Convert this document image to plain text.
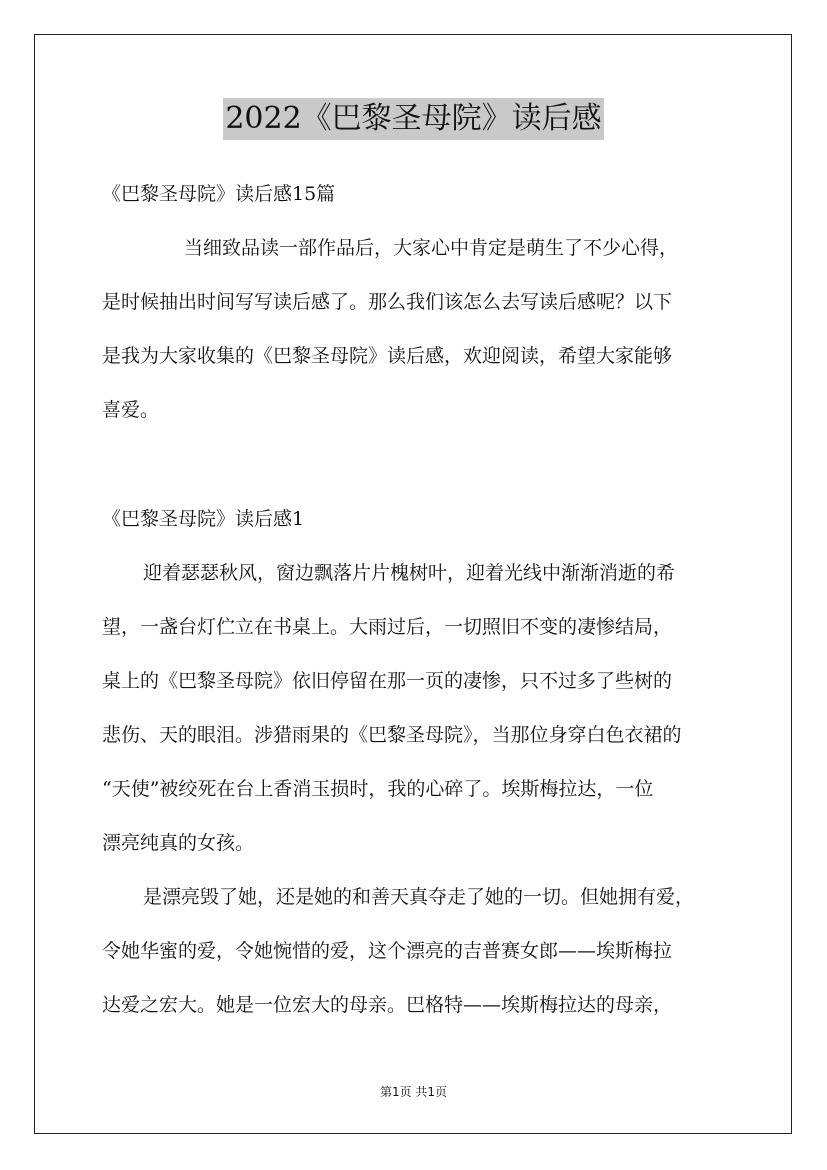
2022《巴黎圣母院》读后感
《巴黎圣母院》读后感15篇
当细致品读一部作品后，大家心中肯定是萌生了不少心得，
是时候抽出时间写写读后感了。那么我们该怎么去写读后感呢？以下
是我为大家收集的《巴黎圣母院》读后感，欢迎阅读，希望大家能够
喜爱。
《巴黎圣母院》读后感1
迎着瑟瑟秋风，窗边飘落片片槐树叶，迎着光线中渐渐消逝的希
望，一盏台灯伫立在书桌上。大雨过后，一切照旧不变的凄惨结局，
桌上的《巴黎圣母院》依旧停留在那一页的凄惨，只不过多了些树的
悲伤、天的眼泪。涉猎雨果的《巴黎圣母院》，当那位身穿白色衣裙的
“天使”被绞死在台上香消玉损时，我的心碎了。埃斯梅拉达，一位
漂亮纯真的女孩。
是漂亮毁了她，还是她的和善天真夺走了她的一切。但她拥有爱，
令她华蜜的爱，令她惋惜的爱，这个漂亮的吉普赛女郎——埃斯梅拉
达爱之宏大。她是一位宏大的母亲。巴格特——埃斯梅拉达的母亲，
第1页 共1页
